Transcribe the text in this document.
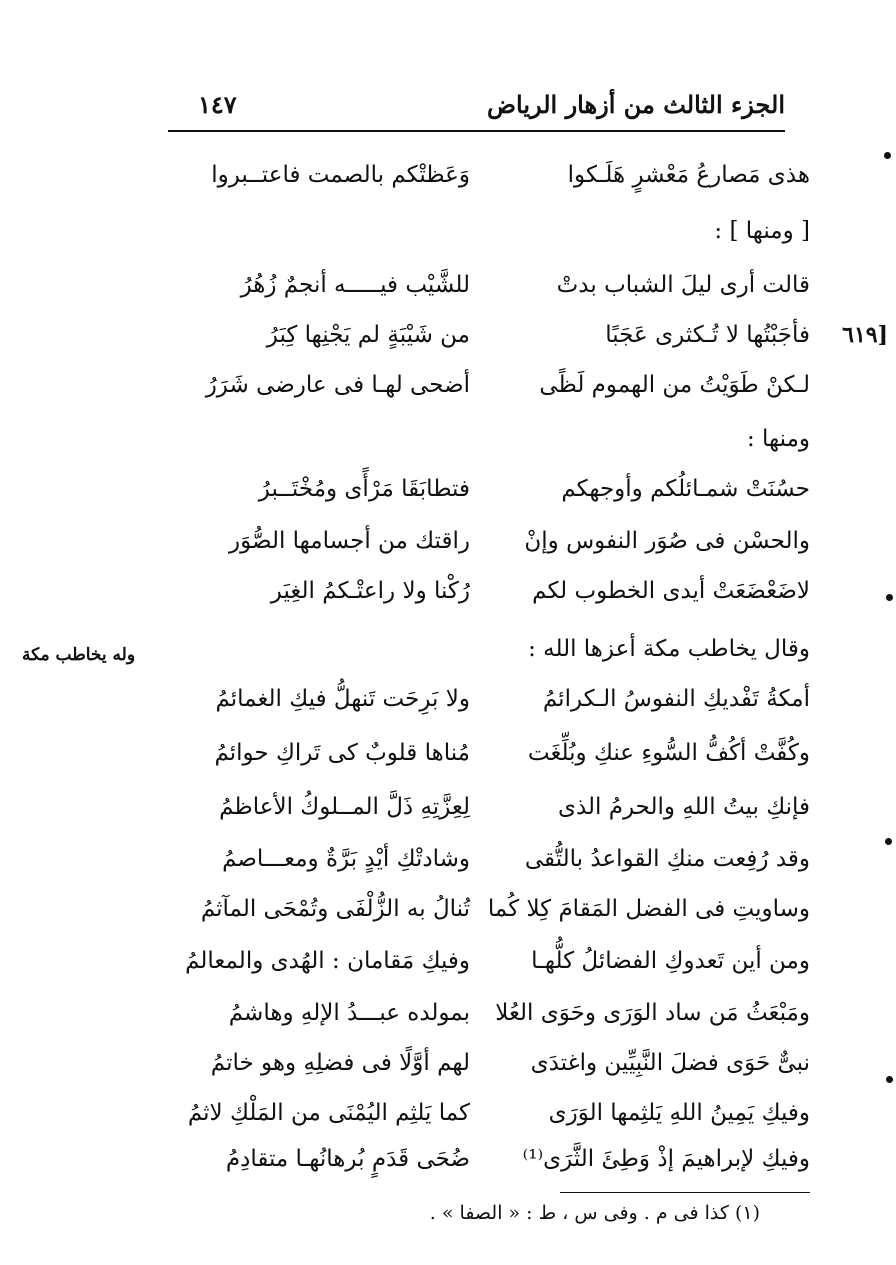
الجزء الثالث من أزهار الرياض
١٤٧
[٦١٩
وله يخاطب مكة
هذى مَصارعُ مَعْشرٍ هَلَـكوا
وَعَظتْكم بالصمت فاعتــبروا
[ ومنها ] :
قالت أرى ليلَ الشباب بدتْ
للشَّيْب فيـــــه أنجمٌ زُهُرُ
فأجَبْتُها لا تُـكثرى عَجَبًا
من شَيْبَةٍ لم يَجْنِها كِبَرُ
لـكنْ طَوَيْتُ من الهموم لَظًى
أضحى لهـا فى عارضى شَرَرُ
ومنها :
حسُنَتْ شمـائلُكم وأوجهكم
فتطابَقَا مَرْأًى ومُخْتَــبرُ
والحسْن فى صُوَر النفوس وإنْ
راقتك من أجسامها الصُّوَر
لاضَعْضَعَتْ أيدى الخطوب لكم
رُكْنا ولا راعتْـكمُ الغِيَر
وقال يخاطب مكة أعزها الله :
أمكةُ تَفْديكِ النفوسُ الـكرائمُ
ولا بَرِحَت تَنهلُّ فيكِ الغمائمُ
وكُفَّتْ أكُفُّ السُّوءِ عنكِ وبُلِّغَت
مُناها قلوبٌ كى تَراكِ حوائمُ
فإنكِ بيتُ اللهِ والحرمُ الذى
لِعِزَّتِهِ ذَلَّ المــلوكُ الأعاظمُ
وقد رُفِعت منكِ القواعدُ بالتُّقى
وشادتْكِ أيْدٍ بَرَّةٌ ومعـــاصمُ
وساويتِ فى الفضل المَقامَ كِلا كُما
تُنالُ به الزُّلْفَى وتُمْحَى المآثمُ
ومن أين تَعدوكِ الفضائلُ كلُّهـا
وفيكِ مَقامان : الهُدى والمعالمُ
ومَبْعَثُ مَن ساد الوَرَى وحَوَى العُلا
بمولده عبـــدُ الإلهِ وهاشمُ
نبىٌّ حَوَى فضلَ النَّبِيِّين واغتدَى
لهم أوَّلًا فى فضلِهِ وهو خاتمُ
وفيكِ يَمِينُ اللهِ يَلثِمها الوَرَى
كما يَلثِم اليُمْنَى من المَلْكِ لاثمُ
وفيكِ لإبراهيمَ إذْ وَطِئَ الثَّرَى⁽¹⁾
ضُحَى قَدَمٍ بُرهانُهـا متقادِمُ
(١) كذا فى م . وفى س ، ط : « الصفا » .
